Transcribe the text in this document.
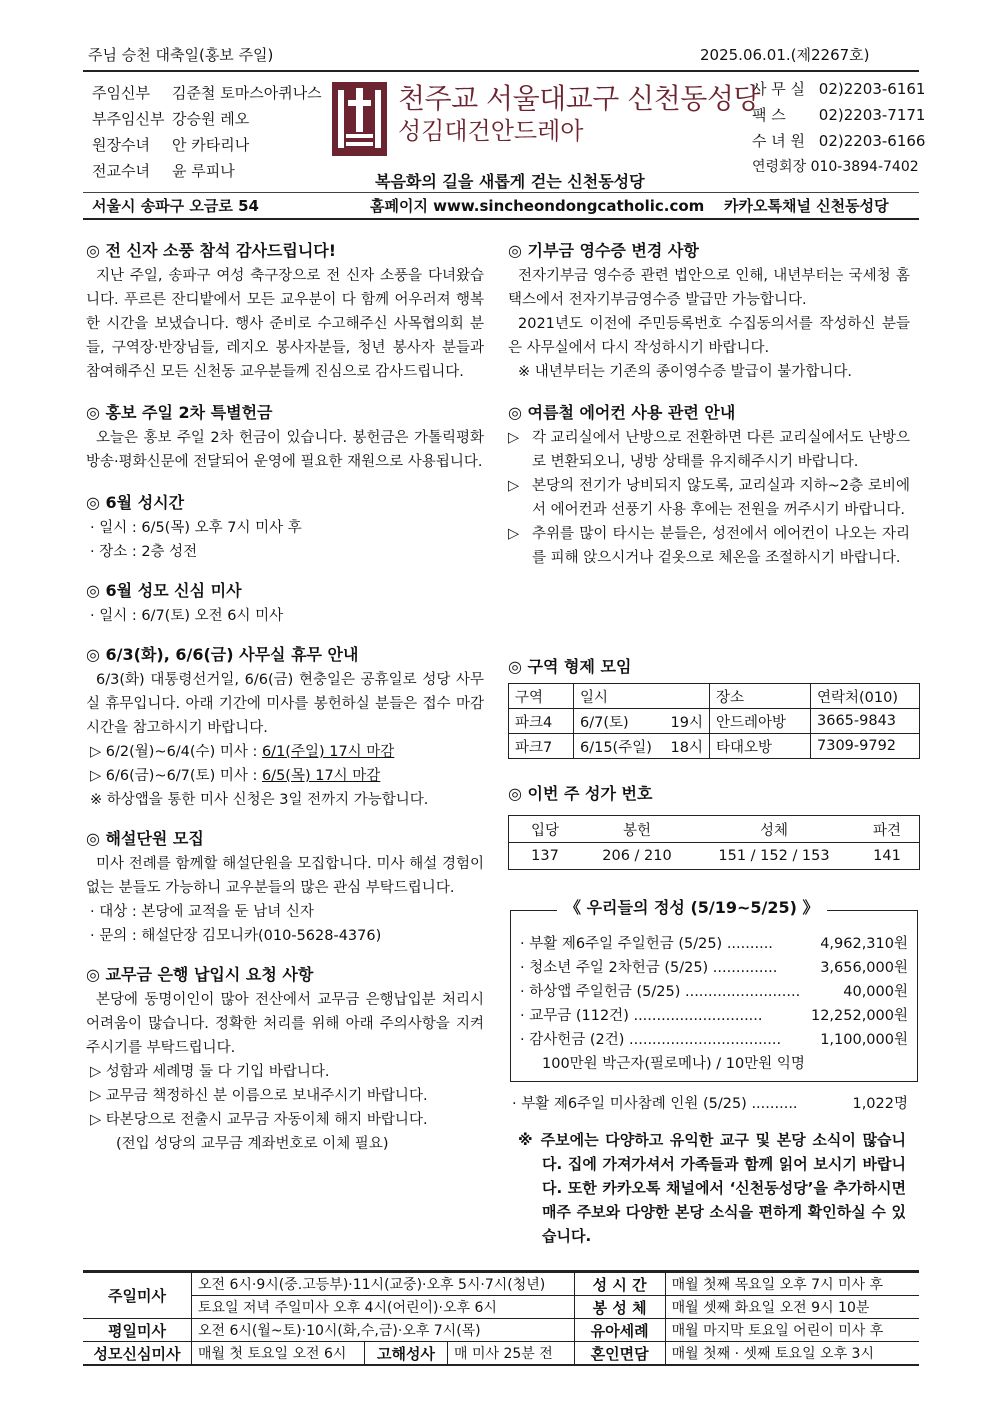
주님 승천 대축일(홍보 주일)	2025.06.01.(제2267호)
주임신부 김준철 토마스아퀴나스
부주임신부 강승원 레오
원장수녀 안 카타리나
전교수녀 윤 루피나
천주교 서울대교구 신천동성당
성김대건안드레아
복음화의 길을 새롭게 걷는 신천동성당
사 무 실 02)2203-6161
팩 스 02)2203-7171
수 녀 원 02)2203-6166
연령회장 010-3894-7402
서울시 송파구 오금로 54	홈페이지 www.sincheondongcatholic.com 카카오톡채널 신천동성당
◎ 전 신자 소풍 참석 감사드립니다!

지난 주일, 송파구 여성 축구장으로 전 신자 소풍을 다녀왔습니다. 푸르른 잔디밭에서 모든 교우분이 다 함께 어우러져 행복한 시간을 보냈습니다. 행사 준비로 수고해주신 사목협의회 분들, 구역장·반장님들, 레지오 봉사자분들, 청년 봉사자 분들과 참여해주신 모든 신천동 교우분들께 진심으로 감사드립니다.

◎ 홍보 주일 2차 특별헌금

오늘은 홍보 주일 2차 헌금이 있습니다. 봉헌금은 가톨릭평화방송·평화신문에 전달되어 운영에 필요한 재원으로 사용됩니다.

◎ 6월 성시간
· 일시 : 6/5(목) 오후 7시 미사 후
· 장소 : 2층 성전
◎ 6월 성모 신심 미사
· 일시 : 6/7(토) 오전 6시 미사
◎ 6/3(화), 6/6(금) 사무실 휴무 안내

6/3(화) 대통령선거일, 6/6(금) 현충일은 공휴일로 성당 사무실 휴무입니다. 아래 기간에 미사를 봉헌하실 분들은 접수 마감 시간을 참고하시기 바랍니다.

▷ 6/2(월)~6/4(수) 미사 : 6/1(주일) 17시 마감
▷ 6/6(금)~6/7(토) 미사 : 6/5(목) 17시 마감
※ 하상앱을 통한 미사 신청은 3일 전까지 가능합니다.
◎ 해설단원 모집

미사 전례를 함께할 해설단원을 모집합니다. 미사 해설 경험이 없는 분들도 가능하니 교우분들의 많은 관심 부탁드립니다.

· 대상 : 본당에 교적을 둔 남녀 신자
· 문의 : 해설단장 김모니카(010-5628-4376)
◎ 교무금 은행 납입시 요청 사항

본당에 동명이인이 많아 전산에서 교무금 은행납입분 처리시 어려움이 많습니다. 정확한 처리를 위해 아래 주의사항을 지켜주시기를 부탁드립니다.

▷ 성함과 세례명 둘 다 기입 바랍니다.
▷ 교무금 책정하신 분 이름으로 보내주시기 바랍니다.
▷ 타본당으로 전출시 교무금 자동이체 해지 바랍니다.
(전입 성당의 교무금 계좌번호로 이체 필요)
◎ 기부금 영수증 변경 사항

전자기부금 영수증 관련 법안으로 인해, 내년부터는 국세청 홈택스에서 전자기부금영수증 발급만 가능합니다.

2021년도 이전에 주민등록번호 수집동의서를 작성하신 분들은 사무실에서 다시 작성하시기 바랍니다.

※ 내년부터는 기존의 종이영수증 발급이 불가합니다.
◎ 여름철 에어컨 사용 관련 안내
▷ 각 교리실에서 난방으로 전환하면 다른 교리실에서도 난방으로 변환되오니, 냉방 상태를 유지해주시기 바랍니다.

▷ 본당의 전기가 낭비되지 않도록, 교리실과 지하~2층 로비에서 에어컨과 선풍기 사용 후에는 전원을 꺼주시기 바랍니다.

▷ 추위를 많이 타시는 분들은, 성전에서 에어컨이 나오는 자리를 피해 앉으시거나 겉옷으로 체온을 조절하시기 바랍니다.

◎ 구역 형제 모임
구역	일시		장소	연락처(010)
파크4	6/7(토)	19시	안드레아방	3665-9843
파크7	6/15(주일)	18시	타대오방	7309-9792
◎ 이번 주 성가 번호
입당	봉헌	성체	파견
137	206 / 210	151 / 152 / 153	141
《 우리들의 정성 (5/19~5/25) 》
· 부활 제6주일 주일헌금 (5/25) ..........	4,962,310원
· 청소년 주일 2차헌금 (5/25) ..............	3,656,000원
· 하상앱 주일헌금 (5/25) .........................	40,000원
· 교무금 (112건) ............................	12,252,000원
· 감사헌금 (2건) .................................	1,100,000원
100만원 박근자(필로메나) / 10만원 익명
· 부활 제6주일 미사참례 인원 (5/25) ..........	1,022명

※ 주보에는 다양하고 유익한 교구 및 본당 소식이 많습니다. 집에 가져가셔서 가족들과 함께 읽어 보시기 바랍니다. 또한 카카오톡 채널에서 ‘신천동성당’을 추가하시면 매주 주보와 다양한 본당 소식을 편하게 확인하실 수 있습니다.

주일미사	오전 6시·9시(중.고등부)·11시(교중)·오후 5시·7시(청년)			성 시 간	매월 첫째 목요일 오후 7시 미사 후
	토요일 저녁 주일미사 오후 4시(어린이)·오후 6시			봉 성 체	매월 셋째 화요일 오전 9시 10분
평일미사	오전 6시(월~토)·10시(화,수,금)·오후 7시(목)			유아세례	매월 마지막 토요일 어린이 미사 후
성모신심미사	매월 첫 토요일 오전 6시	고해성사	매 미사 25분 전	혼인면담	매월 첫째 · 셋째 토요일 오후 3시
